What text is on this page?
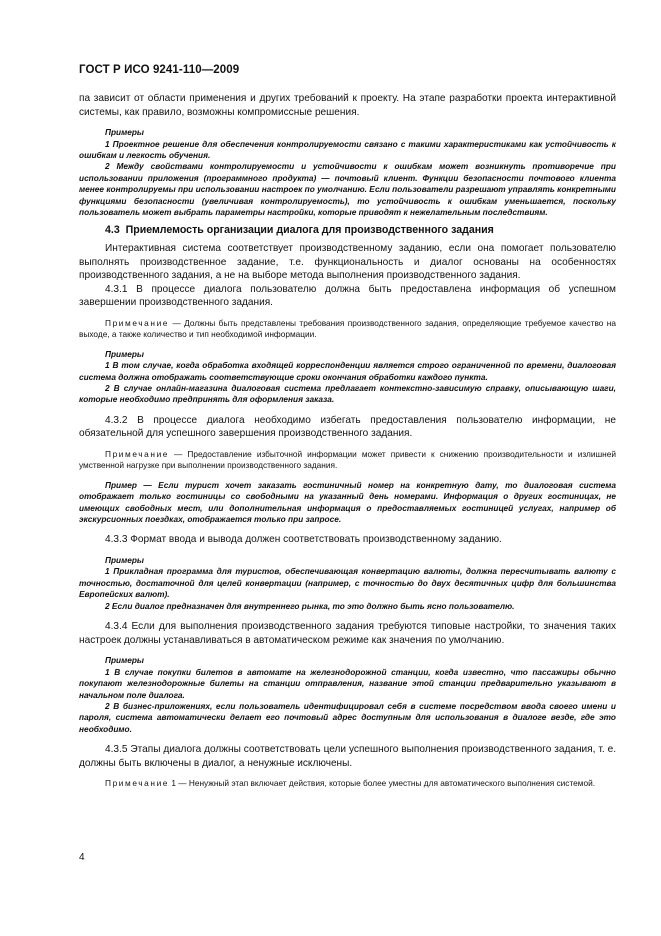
ГОСТ Р ИСО 9241-110—2009

па зависит от области применения и других требований к проекту. На этапе разработки проекта интерактивной системы, как правило, возможны компромиссные решения.

Примеры

1 Проектное решение для обеспечения контролируемости связано с такими характеристиками как устойчивость к ошибкам и легкость обучения.

2 Между свойствами контролируемости и устойчивости к ошибкам может возникнуть противоречие при использовании приложения (программного продукта) — почтовый клиент. Функции безопасности почтового клиента менее контролируемы при использовании настроек по умолчанию. Если пользователи разрешают управлять конкретными функциями безопасности (увеличивая контролируемость), то устойчивость к ошибкам уменьшается, поскольку пользователь может выбрать параметры настройки, которые приводят к нежелательным последствиям.

4.3 Приемлемость организации диалога для производственного задания

Интерактивная система соответствует производственному заданию, если она помогает пользователю выполнять производственное задание, т.е. функциональность и диалог основаны на особенностях производственного задания, а не на выборе метода выполнения производственного задания.

4.3.1 В процессе диалога пользователю должна быть предоставлена информация об успешном завершении производственного задания.

Примечание — Должны быть представлены требования производственного задания, определяющие требуемое качество на выходе, а также количество и тип необходимой информации.

Примеры

1 В том случае, когда обработка входящей корреспонденции является строго ограниченной по времени, диалоговая система должна отображать соответствующие сроки окончания обработки каждого пункта.

2 В случае онлайн-магазина диалоговая система предлагает контекстно-зависимую справку, описывающую шаги, которые необходимо предпринять для оформления заказа.

4.3.2 В процессе диалога необходимо избегать предоставления пользователю информации, не обязательной для успешного завершения производственного задания.

Примечание — Предоставление избыточной информации может привести к снижению производительности и излишней умственной нагрузке при выполнении производственного задания.

Пример — Если турист хочет заказать гостиничный номер на конкретную дату, то диалоговая система отображает только гостиницы со свободными на указанный день номерами. Информация о других гостиницах, не имеющих свободных мест, или дополнительная информация о предоставляемых гостиницей услугах, например об экскурсионных поездках, отображается только при запросе.

4.3.3 Формат ввода и вывода должен соответствовать производственному заданию.

Примеры

1 Прикладная программа для туристов, обеспечивающая конвертацию валюты, должна пересчитывать валюту с точностью, достаточной для целей конвертации (например, с точностью до двух десятичных цифр для большинства Европейских валют).

2 Если диалог предназначен для внутреннего рынка, то это должно быть ясно пользователю.

4.3.4 Если для выполнения производственного задания требуются типовые настройки, то значения таких настроек должны устанавливаться в автоматическом режиме как значения по умолчанию.

Примеры

1 В случае покупки билетов в автомате на железнодорожной станции, когда известно, что пассажиры обычно покупают железнодорожные билеты на станции отправления, название этой станции предварительно указывают в начальном поле диалога.

2 В бизнес-приложениях, если пользователь идентифицировал себя в системе посредством ввода своего имени и пароля, система автоматически делает его почтовый адрес доступным для использования в диалоге везде, где это необходимо.

4.3.5 Этапы диалога должны соответствовать цели успешного выполнения производственного задания, т. е. должны быть включены в диалог, а ненужные исключены.

Примечание 1 — Ненужный этап включает действия, которые более уместны для автоматического выполнения системой.

4
